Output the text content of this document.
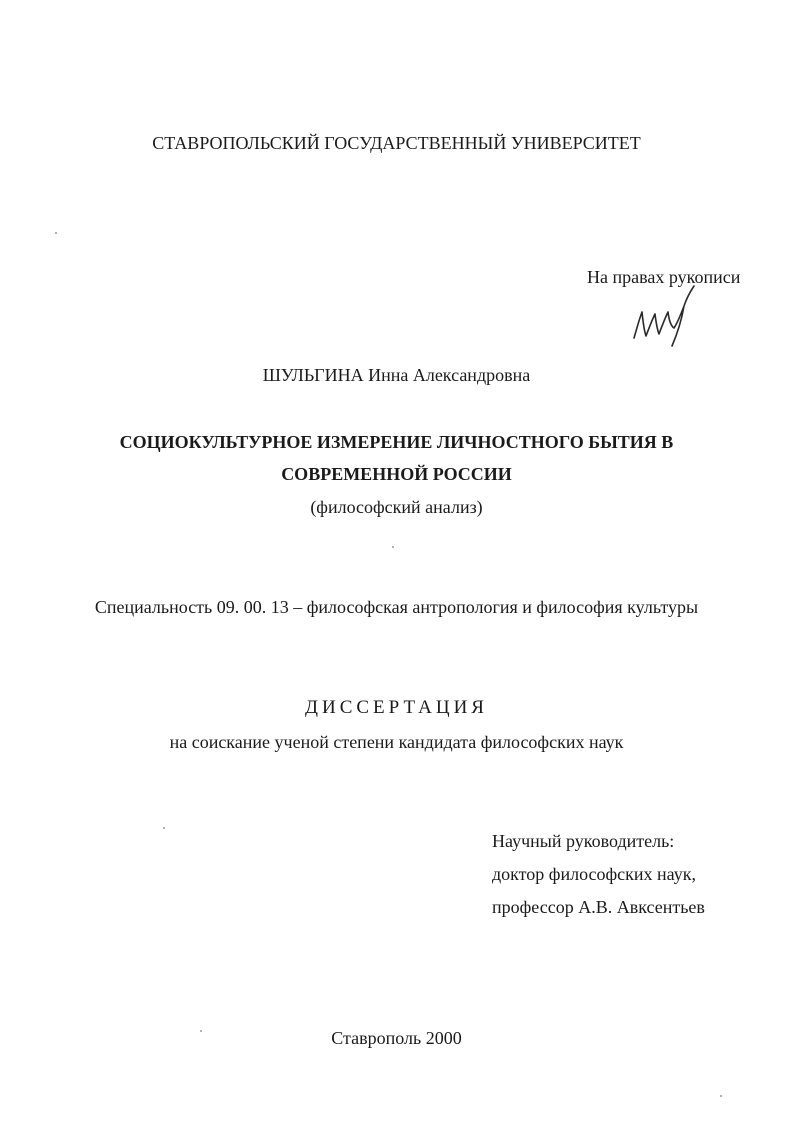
СТАВРОПОЛЬСКИЙ ГОСУДАРСТВЕННЫЙ УНИВЕРСИТЕТ
На правах рукописи
ШУЛЬГИНА Инна Александровна
СОЦИОКУЛЬТУРНОЕ ИЗМЕРЕНИЕ ЛИЧНОСТНОГО БЫТИЯ В
СОВРЕМЕННОЙ РОССИИ
(философский анализ)
Специальность 09. 00. 13 – философская антропология и философия культуры
ДИССЕРТАЦИЯ
на соискание ученой степени кандидата философских наук
Научный руководитель:
доктор философских наук,
профессор А.В. Авксентьев
Ставрополь 2000
